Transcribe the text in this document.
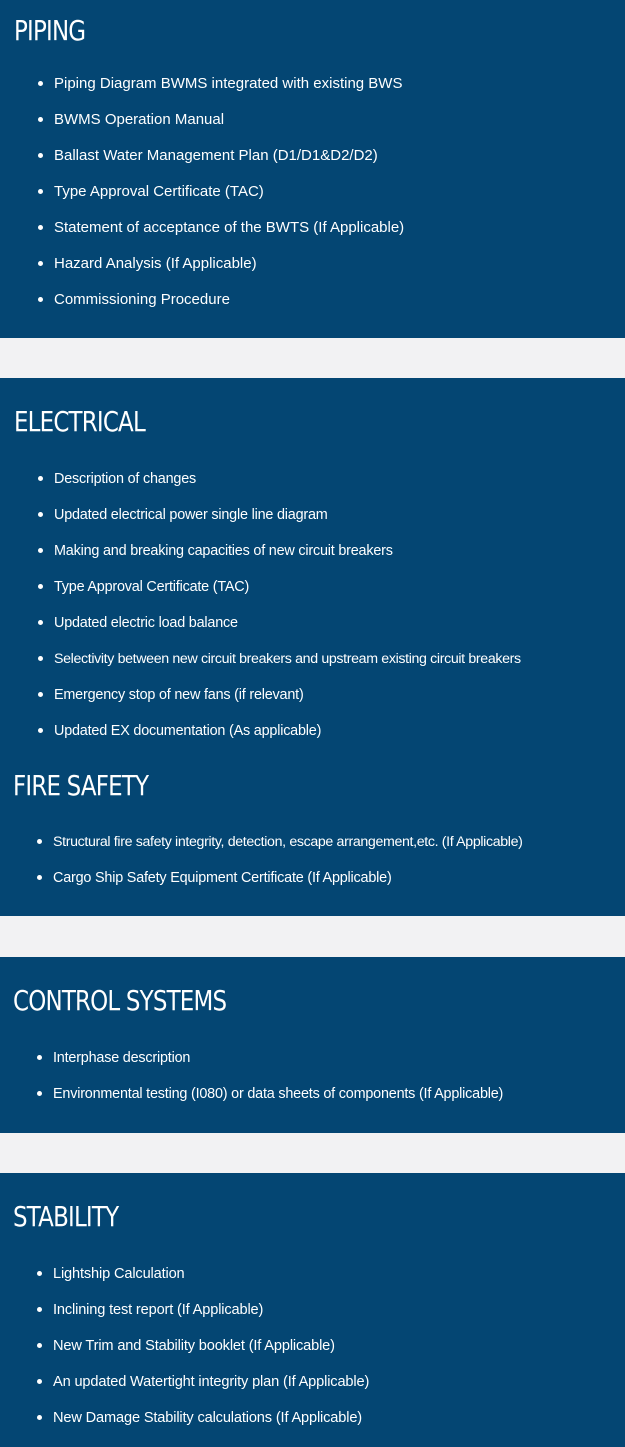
PIPING
Piping Diagram BWMS integrated with existing BWS
BWMS Operation Manual
Ballast Water Management Plan (D1/D1&D2/D2)
Type Approval Certificate (TAC)
Statement of acceptance of the BWTS (If Applicable)
Hazard Analysis (If Applicable)
Commissioning Procedure
ELECTRICAL
Description of changes
Updated electrical power single line diagram
Making and breaking capacities of new circuit breakers
Type Approval Certificate (TAC)
Updated electric load balance
Selectivity between new circuit breakers and upstream existing circuit breakers
Emergency stop of new fans (if relevant)
Updated EX documentation (As applicable)
FIRE SAFETY
Structural fire safety integrity, detection, escape arrangement,etc. (If Applicable)
Cargo Ship Safety Equipment Certificate (If Applicable)
CONTROL SYSTEMS
Interphase description
Environmental testing (I080) or data sheets of components (If Applicable)
STABILITY
Lightship Calculation
Inclining test report (If Applicable)
New Trim and Stability booklet (If Applicable)
An updated Watertight integrity plan (If Applicable)
New Damage Stability calculations (If Applicable)
